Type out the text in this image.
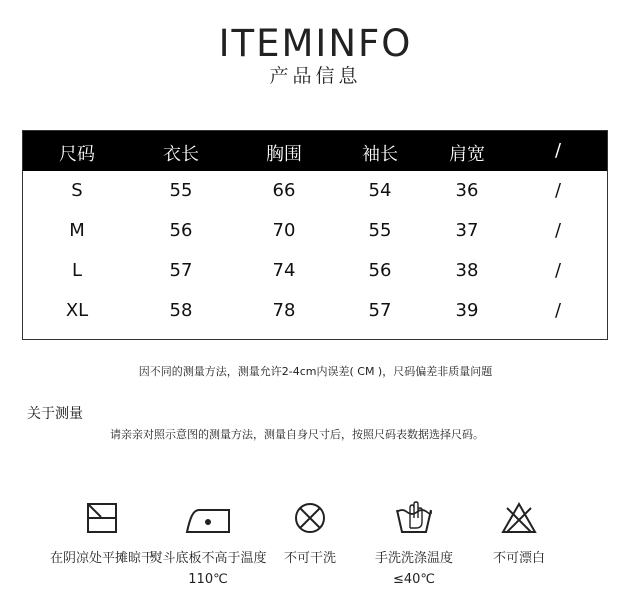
ITEMINFO
产品信息
尺码	衣长	胸围	袖长	肩宽	/
S	55	66	54	36	/
M	56	70	55	37	/
L	57	74	56	38	/
XL	58	78	57	39	/
因不同的测量方法，测量允许2-4cm内误差( CM )，尺码偏差非质量问题
关于测量
请亲亲对照示意图的测量方法，测量自身尺寸后，按照尺码表数据选择尺码。
在阴凉处平摊晾干
熨斗底板不高于温度110℃
不可干洗	手洗洗涤温度≤40℃
不可漂白
